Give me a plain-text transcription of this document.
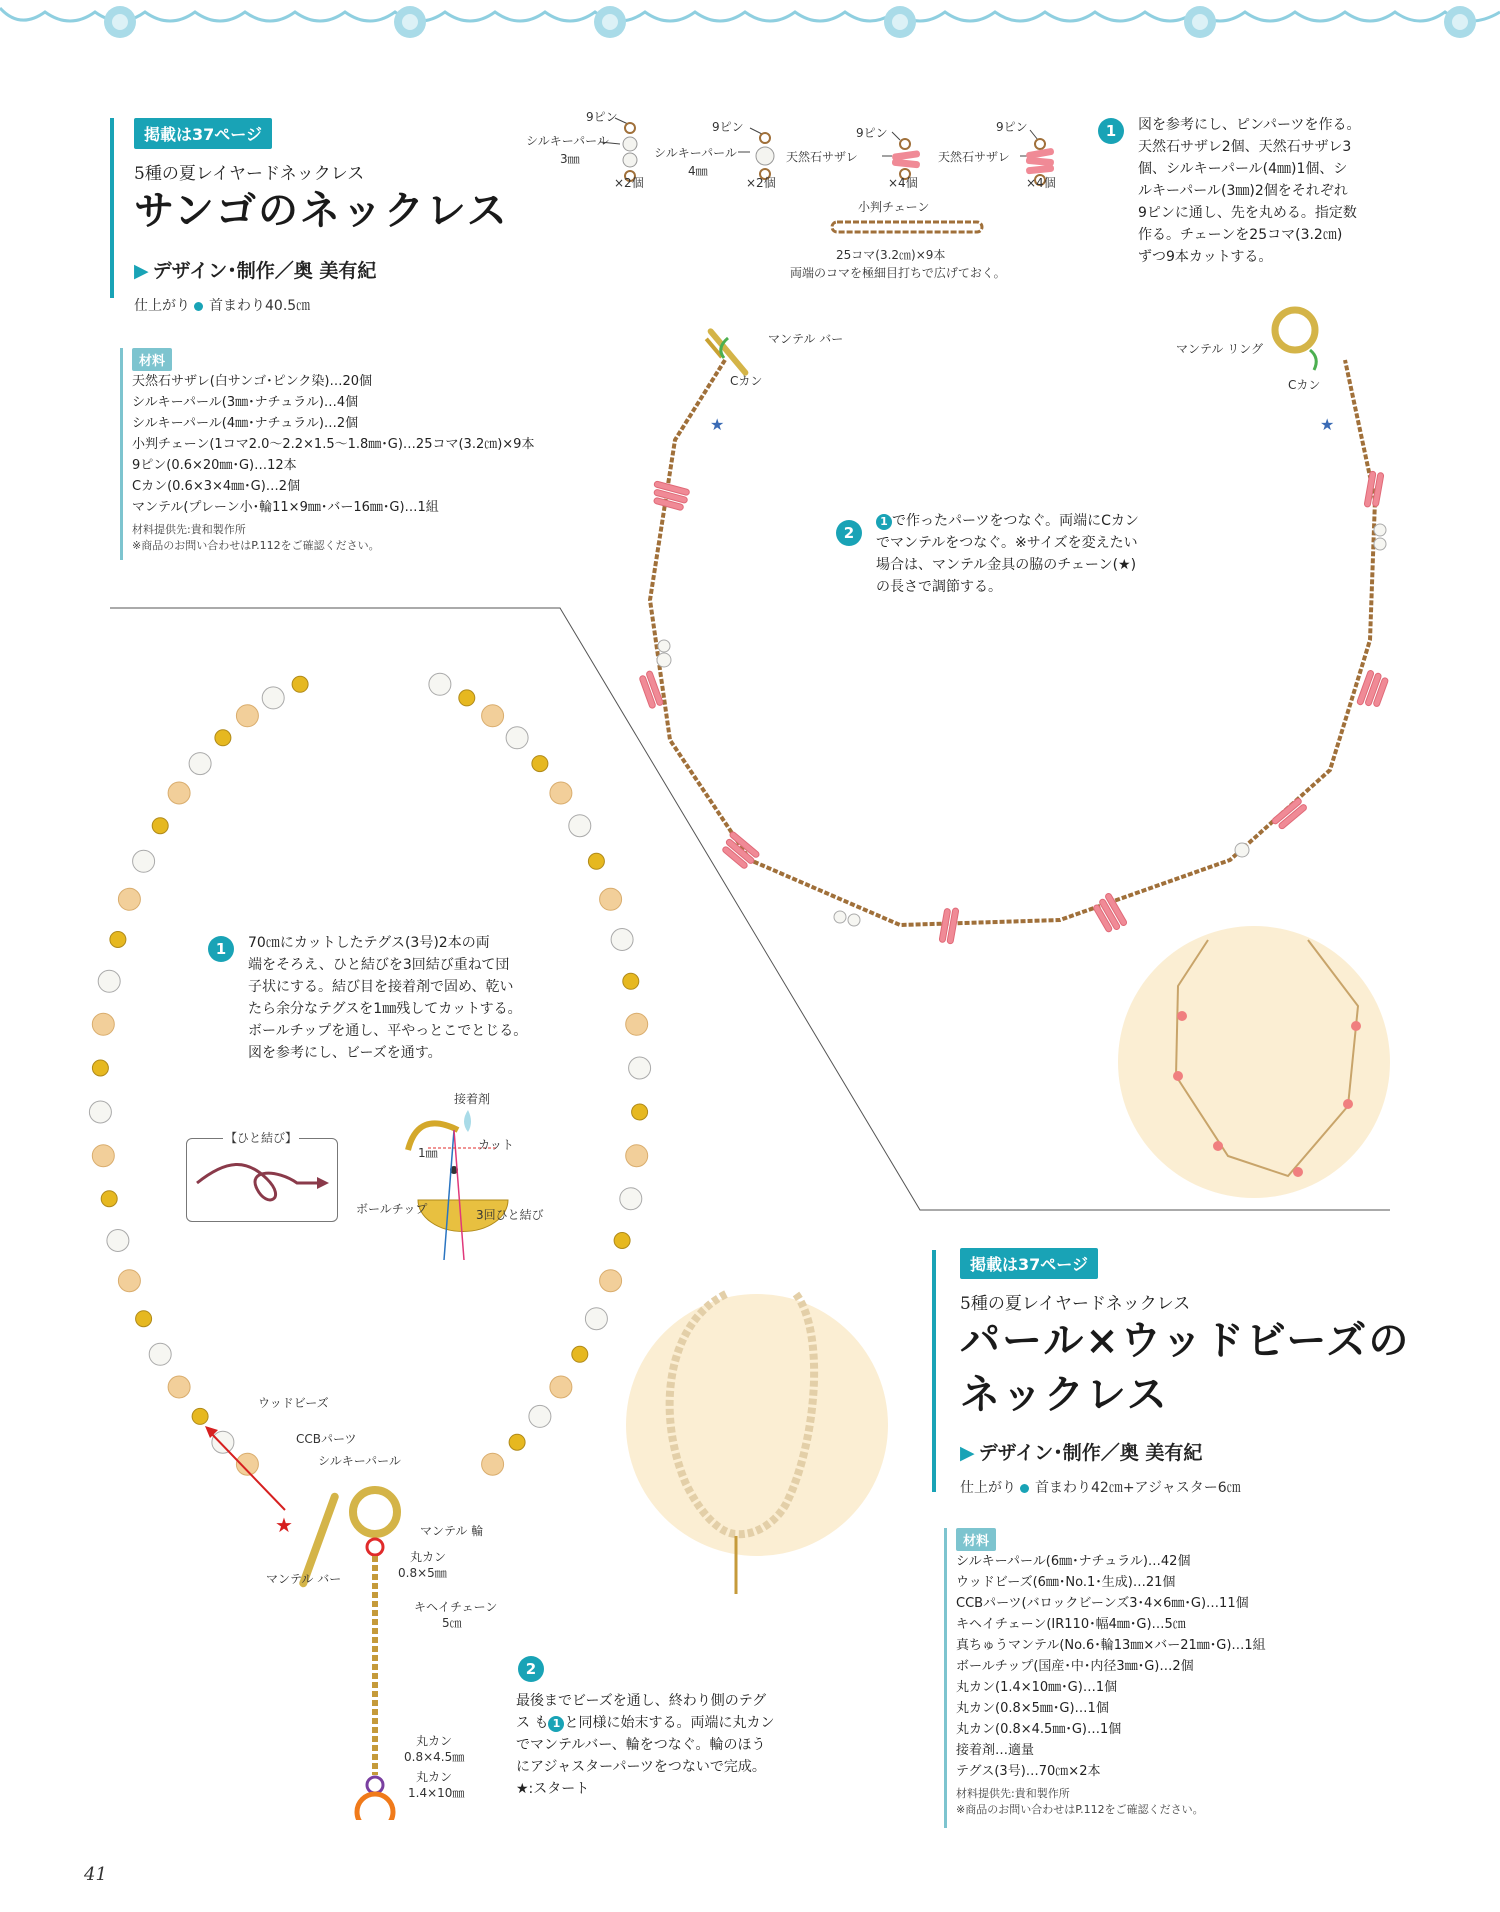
掲載は37ページ
5種の夏レイヤードネックレス
サンゴのネックレス
▶ デザイン･制作／奥 美有紀
仕上がり 首まわり40.5㎝
材料
天然石サザレ(白サンゴ･ピンク染)…20個
シルキーパール(3㎜･ナチュラル)…4個
シルキーパール(4㎜･ナチュラル)…2個
小判チェーン(1コマ2.0〜2.2×1.5〜1.8㎜･G)…25コマ(3.2㎝)×9本
9ピン(0.6×20㎜･G)…12本
Cカン(0.6×3×4㎜･G)…2個
マンテル(プレーン小･輪11×9㎜･バー16㎜･G)…1組
材料提供先:貴和製作所
※商品のお問い合わせはP.112をご確認ください。
9ピン
シルキーパール
3㎜
×2個
9ピン
シルキーパール
4㎜
×2個
9ピン
天然石サザレ
×4個
9ピン
天然石サザレ
×4個
小判チェーン
25コマ(3.2㎝)×9本
両端のコマを極細目打ちで広げておく。
1	図を参考にし、ピンパーツを作る。
天然石サザレ2個、天然石サザレ3
個、シルキーパール(4㎜)1個、シ
ルキーパール(3㎜)2個をそれぞれ
9ピンに通し、先を丸める。指定数
作る。チェーンを25コマ(3.2㎝)
ずつ9本カットする。
★	★
マンテル バー
Cカン
マンテル リング
Cカン
2
1 で作ったパーツをつなぐ。両端にCカン
でマンテルをつなぐ。※サイズを変えたい
場合は、マンテル金具の脇のチェーン(★)
の長さで調節する。
★
ウッドビーズ
CCBパーツ
シルキーパール
マンテル 輪
丸カン
0.8×5㎜
マンテル バー
キヘイチェーン
5㎝
丸カン
0.8×4.5㎜
丸カン
1.4×10㎜
1	70㎝にカットしたテグス(3号)2本の両
端をそろえ、ひと結びを3回結び重ねて団
子状にする。結び目を接着剤で固め、乾い
たら余分なテグスを1㎜残してカットする。
ボールチップを通し、平やっとこでとじる。
図を参考にし、ビーズを通す。
【ひと結び】
接着剤
1㎜
カット
ボールチップ	3回ひと結び
2
最後までビーズを通し、終わり側のテグ
ス も 1 と同様に始末する。両端に丸カン
でマンテルバー、輪をつなぐ。輪のほう
にアジャスターパーツをつないで完成。
★:スタート
掲載は37ページ
5種の夏レイヤードネックレス
パール×ウッドビーズの
ネックレス
▶ デザイン･制作／奥 美有紀
仕上がり 首まわり42㎝+アジャスター6㎝
材料
シルキーパール(6㎜･ナチュラル)…42個
ウッドビーズ(6㎜･No.1･生成)…21個
CCBパーツ(バロックビーンズ3･4×6㎜･G)…11個
キヘイチェーン(IR110･幅4㎜･G)…5㎝
真ちゅうマンテル(No.6･輪13㎜×バー21㎜･G)…1組
ボールチップ(国産･中･内径3㎜･G)…2個
丸カン(1.4×10㎜･G)…1個
丸カン(0.8×5㎜･G)…1個
丸カン(0.8×4.5㎜･G)…1個
接着剤…適量
テグス(3号)…70㎝×2本
材料提供先:貴和製作所
※商品のお問い合わせはP.112をご確認ください。
41
